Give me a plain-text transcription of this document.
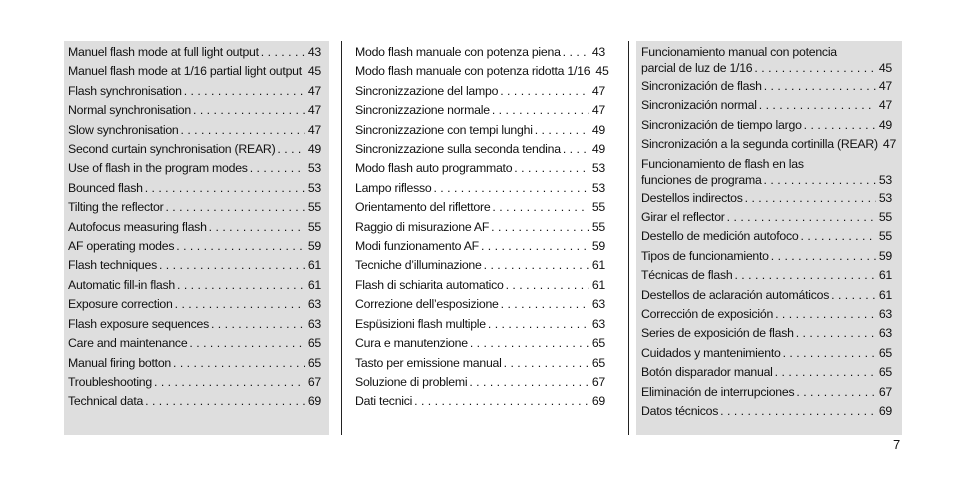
Manuel flash mode at full light output . . .	43
Manuel flash mode at 1/16 partial light output . . . 45
Flash synchronisation . . .	47
Normal synchronisation . . .	47
Slow synchronisation . . .	47
Second curtain synchronisation (REAR) . . .	49
Use of flash in the program modes . . .	53
Bounced flash . . .	53
Tilting the reflector . . .	55
Autofocus measuring flash . . .	55
AF operating modes . . .	59
Flash techniques . . .	61
Automatic fill-in flash . . .	61
Exposure correction . . .	63
Flash exposure sequences . . .	63
Care and maintenance . . .	65
Manual firing botton . . .	65
Troubleshooting . . .	67
Technical data . . .	69
Modo flash manuale con potenza piena . . .	43
Modo flash manuale con potenza ridotta 1/16 . . . 45
Sincronizzazione del lampo . . .	47
Sincronizzazione normale . . .	47
Sincronizzazione con tempi lunghi . . .	49
Sincronizzazione sulla seconda tendina . . .	49
Modo flash auto programmato . . .	53
Lampo riflesso . . .	53
Orientamento del riflettore . . .	55
Raggio di misurazione AF . . .	55
Modi funzionamento AF . . .	59
Tecniche d’illuminazione . . .	61
Flash di schiarita automatico . . .	61
Correzione dell’esposizione . . .	63
Espüsizioni flash multiple . . .	63
Cura e manutenzione . . .	65
Tasto per emissione manual . . .	65
Soluzione di problemi . . .	67
Dati tecnici . . .	69
Funcionamiento manual con potencia
parcial de luz de 1/16 . . .	45
Sincronización de flash . . .	47
Sincronización normal . . .	47
Sincronización de tiempo largo . . .	49
Sincronización a la segunda cortinilla (REAR) . . . 47
Funcionamiento de flash en las
funciones de programa . . .	53
Destellos indirectos . . .	53
Girar el reflector . . .	55
Destello de medición autofoco . . .	55
Tipos de funcionamiento . . .	59
Técnicas de flash . . .	61
Destellos de aclaración automáticos . . .	61
Corrección de exposición . . .	63
Series de exposición de flash . . .	63
Cuidados y mantenimiento . . .	65
Botón disparador manual . . .	65
Eliminación de interrupciones . . .	67
Datos técnicos . . .	69
7
